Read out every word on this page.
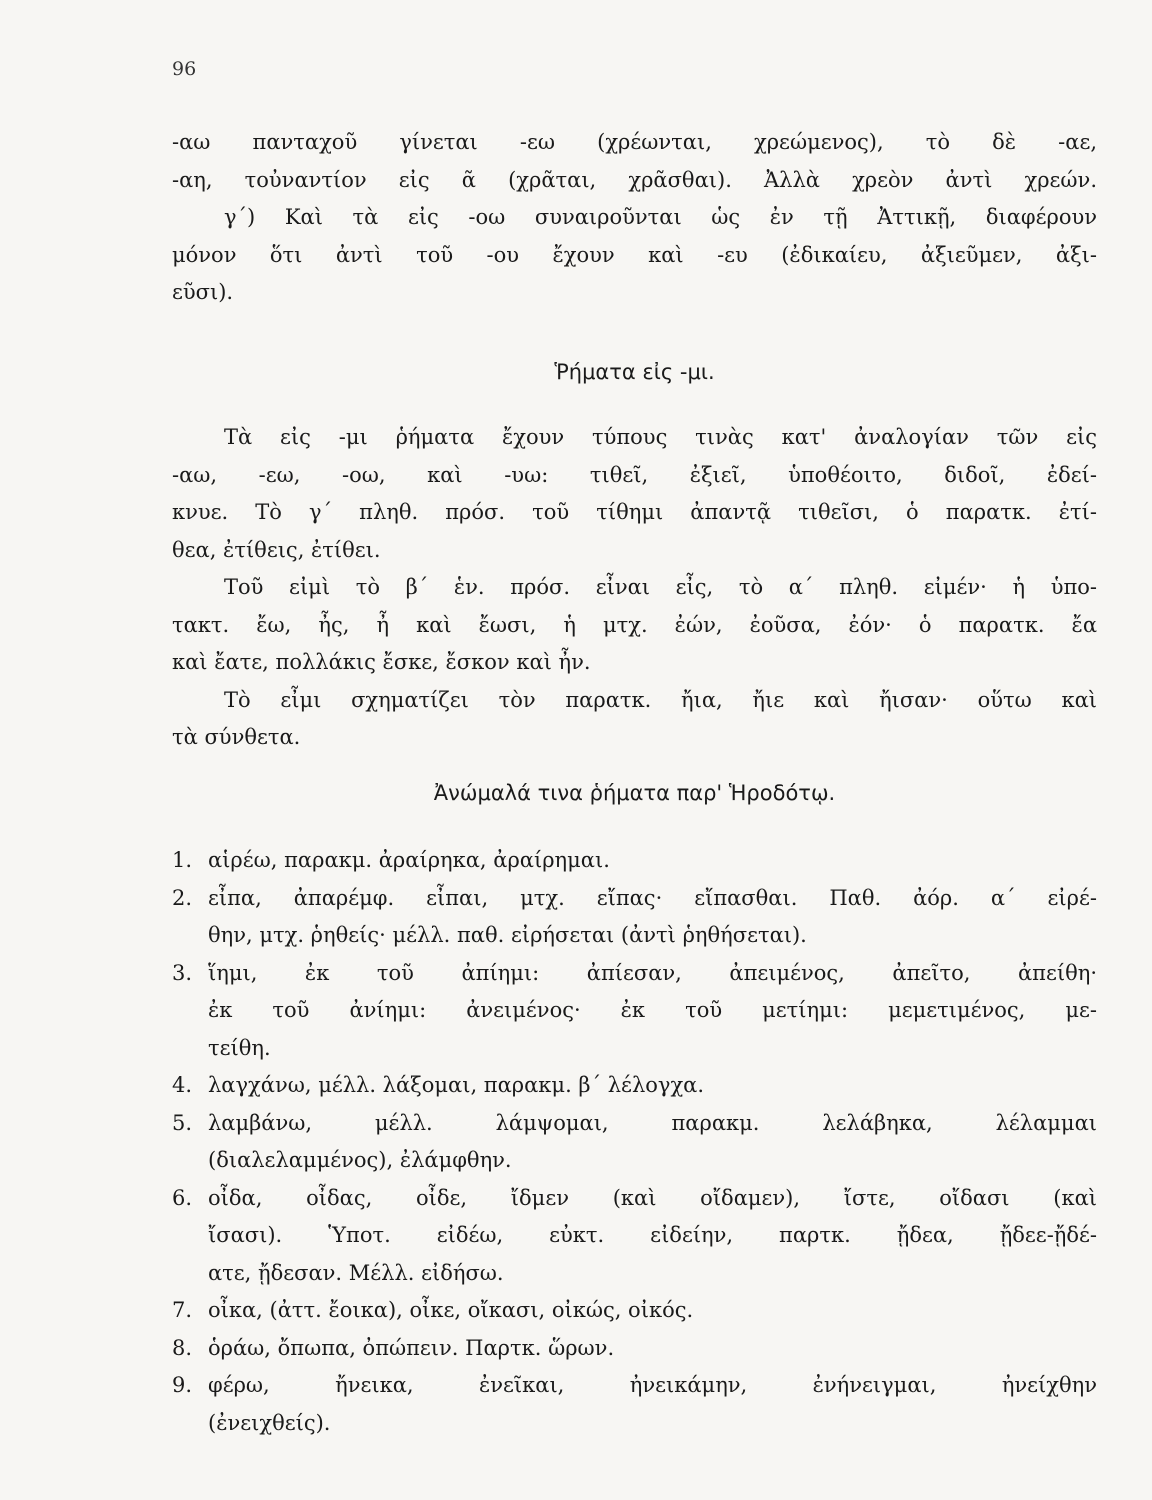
96
-αω πανταχοῦ γίνεται -εω (χρέωνται, χρεώμενος), τὸ δὲ -αε,
-αη, τοὐναντίον εἰς ᾶ (χρᾶται, χρᾶσθαι). Ἀλλὰ χρεὸν ἀντὶ χρεών.
γ´) Καὶ τὰ εἰς -οω συναιροῦνται ὡς ἐν τῇ Ἀττικῇ, διαφέρουν
μόνον ὅτι ἀντὶ τοῦ -ου ἔχουν καὶ -ευ (ἐδικαίευ, ἀξιεῦμεν, ἀξι-
εῦσι).
Ῥήματα εἰς -μι.
Τὰ εἰς -μι ῥήματα ἔχουν τύπους τινὰς κατ' ἀναλογίαν τῶν εἰς
-αω, -εω, -οω, καὶ -υω: τιθεῖ, ἐξιεῖ, ὑποθέοιτο, διδοῖ, ἐδεί-
κνυε. Τὸ γ´ πληθ. πρόσ. τοῦ τίθημι ἀπαντᾷ τιθεῖσι, ὁ παρατκ. ἐτί-
θεα, ἐτίθεις, ἐτίθει.
Τοῦ εἰμὶ τὸ β´ ἑν. πρόσ. εἶναι εἶς, τὸ α´ πληθ. εἰμέν· ἡ ὑπο-
τακτ. ἔω, ἦς, ἦ καὶ ἔωσι, ἡ μτχ. ἐών, ἐοῦσα, ἐόν· ὁ παρατκ. ἔα
καὶ ἔατε, πολλάκις ἔσκε, ἔσκον καὶ ἦν.
Τὸ εἶμι σχηματίζει τὸν παρατκ. ἤια, ἤιε καὶ ἤισαν· οὕτω καὶ
τὰ σύνθετα.
Ἀνώμαλά τινα ῥήματα παρ' Ἡροδότῳ.
1. αἱρέω, παρακμ. ἀραίρηκα, ἀραίρημαι.
2. εἶπα, ἀπαρέμφ. εἶπαι, μτχ. εἴπας· εἴπασθαι. Παθ. ἀόρ. α´ εἰρέ-
θην, μτχ. ῥηθείς· μέλλ. παθ. εἰρήσεται (ἀντὶ ῥηθήσεται).
3. ἵημι, ἐκ τοῦ ἀπίημι: ἀπίεσαν, ἀπειμένος, ἀπεῖτο, ἀπείθη·
ἐκ τοῦ ἀνίημι: ἀνειμένος· ἐκ τοῦ μετίημι: μεμετιμένος, με-
τείθη.
4. λαγχάνω, μέλλ. λάξομαι, παρακμ. β´ λέλογχα.
5. λαμβάνω, μέλλ. λάμψομαι, παρακμ. λελάβηκα, λέλαμμαι
(διαλελαμμένος), ἐλάμφθην.
6. οἶδα, οἶδας, οἶδε, ἴδμεν (καὶ οἴδαμεν), ἴστε, οἴδασι (καὶ
ἴσασι). Ὑποτ. εἰδέω, εὐκτ. εἰδείην, παρτκ. ᾔδεα, ᾔδεε-ᾔδέ-
ατε, ᾔδεσαν. Μέλλ. εἰδήσω.
7. οἶκα, (ἀττ. ἔοικα), οἶκε, οἴκασι, οἰκώς, οἰκός.
8. ὁράω, ὄπωπα, ὀπώπειν. Παρτκ. ὥρων.
9. φέρω, ἤνεικα, ἐνεῖκαι, ἠνεικάμην, ἐνήνειγμαι, ἠνείχθην
(ἐνειχθείς).
